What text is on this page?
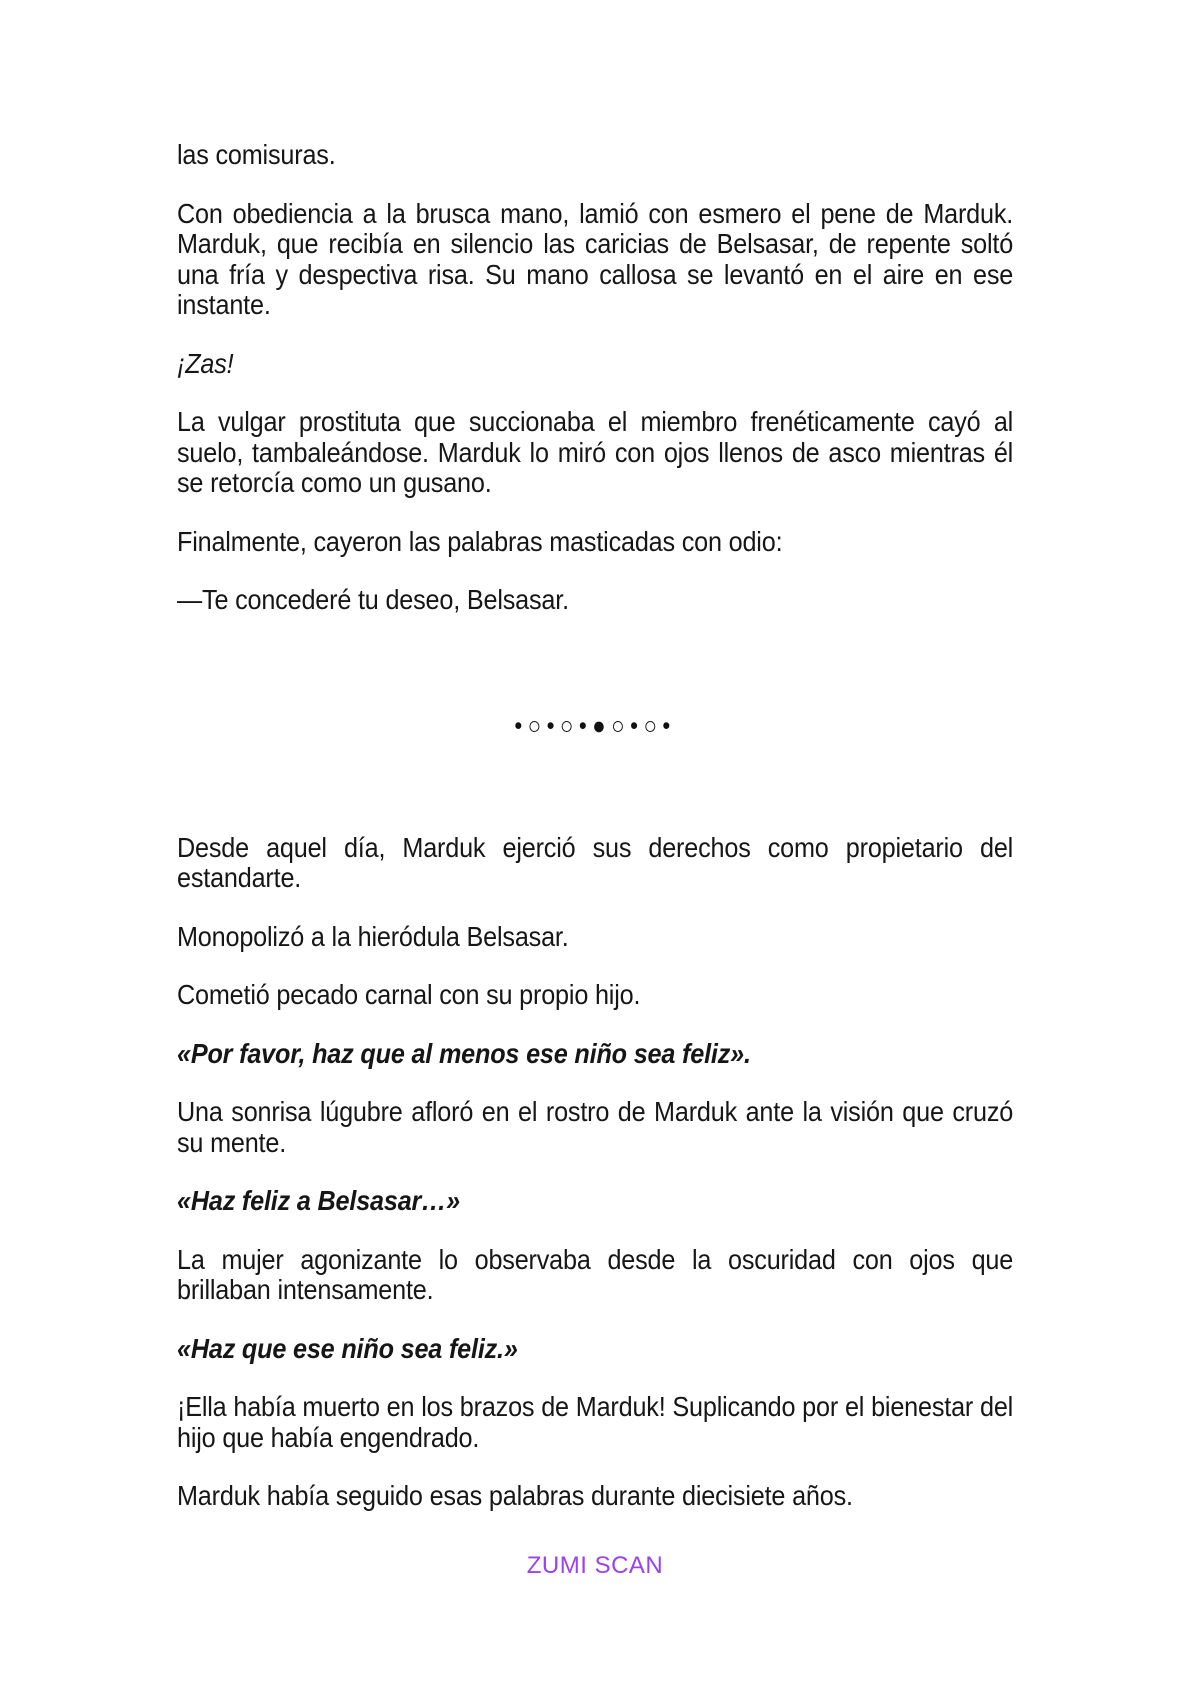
las comisuras.

Con obediencia a la brusca mano, lamió con esmero el pene de Marduk. Marduk, que recibía en silencio las caricias de Belsasar, de repente soltó una fría y despectiva risa. Su mano callosa se levantó en el aire en ese instante.

¡Zas!

La vulgar prostituta que succionaba el miembro frenéticamente cayó al suelo, tambaleándose. Marduk lo miró con ojos llenos de asco mientras él se retorcía como un gusano.

Finalmente, cayeron las palabras masticadas con odio:

—Te concederé tu deseo, Belsasar.

•○•○•●○•○•

Desde aquel día, Marduk ejerció sus derechos como propietario del estandarte.

Monopolizó a la hieródula Belsasar.

Cometió pecado carnal con su propio hijo.

«Por favor, haz que al menos ese niño sea feliz».

Una sonrisa lúgubre afloró en el rostro de Marduk ante la visión que cruzó su mente.

«Haz feliz a Belsasar…»

La mujer agonizante lo observaba desde la oscuridad con ojos que brillaban intensamente.

«Haz que ese niño sea feliz.»

¡Ella había muerto en los brazos de Marduk! Suplicando por el bienestar del hijo que había engendrado.

Marduk había seguido esas palabras durante diecisiete años.

ZUMI SCAN
